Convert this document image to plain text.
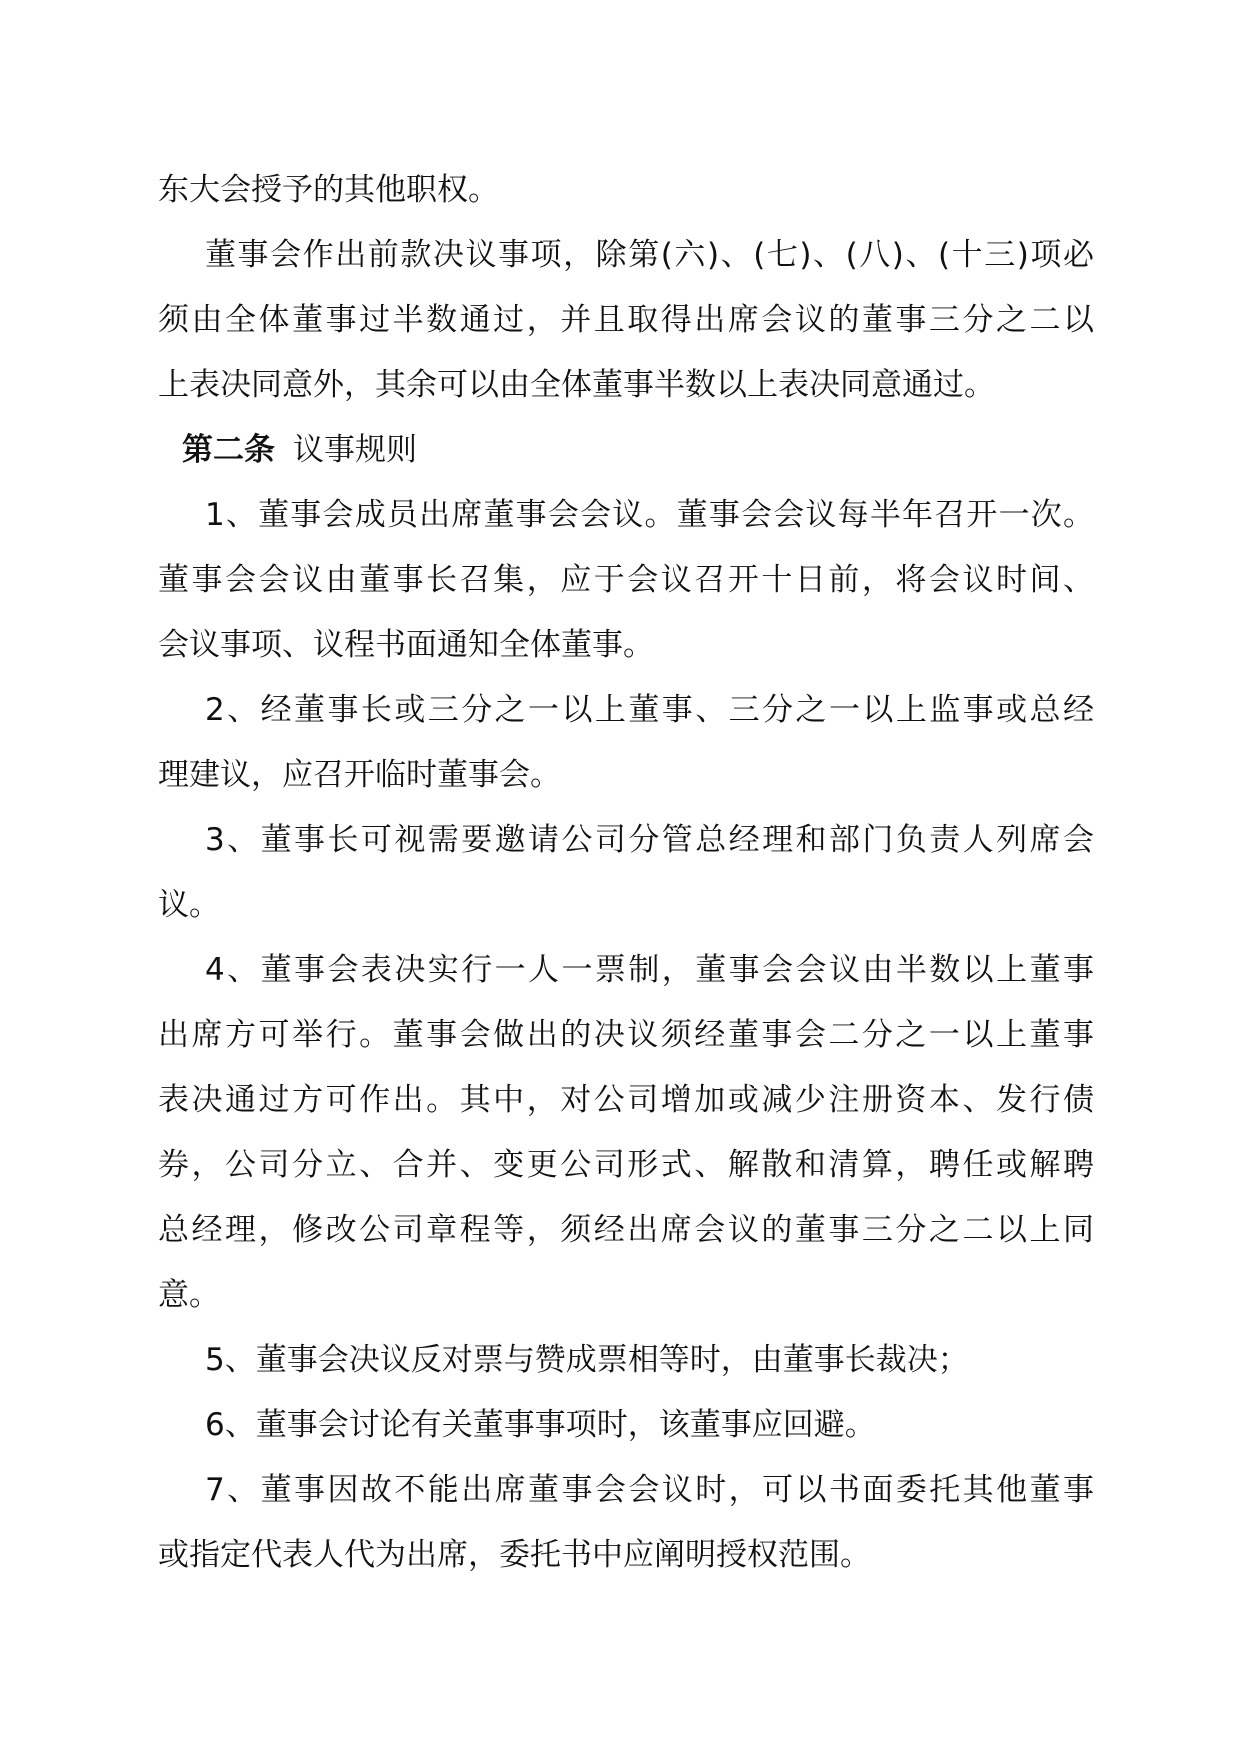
东大会授予的其他职权。
董事会作出前款决议事项，除第(六)、(七)、(八)、(十三)项必
须由全体董事过半数通过，并且取得出席会议的董事三分之二以
上表决同意外，其余可以由全体董事半数以上表决同意通过。
第二条 议事规则
1、董事会成员出席董事会会议。董事会会议每半年召开一次。
董事会会议由董事长召集，应于会议召开十日前，将会议时间、
会议事项、议程书面通知全体董事。
2、经董事长或三分之一以上董事、三分之一以上监事或总经
理建议，应召开临时董事会。
3、董事长可视需要邀请公司分管总经理和部门负责人列席会
议。
4、董事会表决实行一人一票制，董事会会议由半数以上董事
出席方可举行。董事会做出的决议须经董事会二分之一以上董事
表决通过方可作出。其中，对公司增加或减少注册资本、发行债
券，公司分立、合并、变更公司形式、解散和清算，聘任或解聘
总经理，修改公司章程等，须经出席会议的董事三分之二以上同
意。
5、董事会决议反对票与赞成票相等时，由董事长裁决；
6、董事会讨论有关董事事项时，该董事应回避。
7、董事因故不能出席董事会会议时，可以书面委托其他董事
或指定代表人代为出席，委托书中应阐明授权范围。
